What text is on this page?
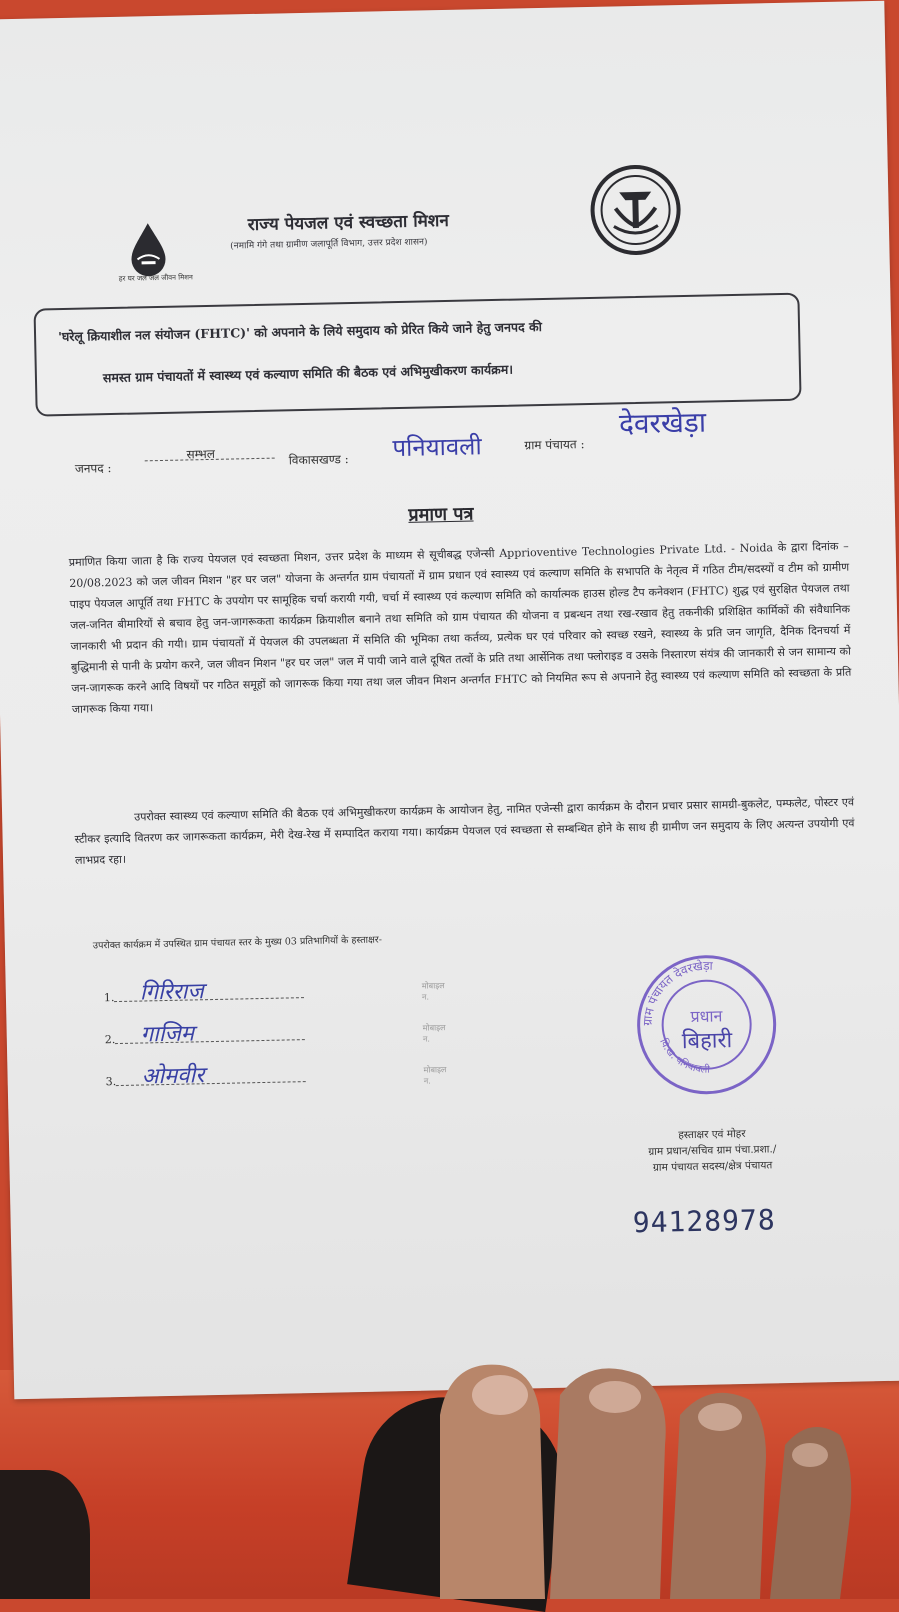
हर घर जल जल जीवन मिशन
राज्य पेयजल एवं स्वच्छता मिशन
(नमामि गंगे तथा ग्रामीण जलापूर्ति विभाग, उत्तर प्रदेश शासन)
'घरेलू क्रियाशील नल संयोजन (FHTC)' को अपनाने के लिये समुदाय को प्रेरित किये जाने हेतु जनपद की
समस्त ग्राम पंचायतों में स्वास्थ्य एवं कल्याण समिति की बैठक एवं अभिमुखीकरण कार्यक्रम।
जनपद :
सम्भल	विकासखण्ड : पनियावली	ग्राम पंचायत :
देवरखेड़ा
प्रमाण पत्र
प्रमाणित किया जाता है कि राज्य पेयजल एवं स्वच्छता मिशन, उत्तर प्रदेश के माध्यम से सूचीबद्ध एजेन्सी Apprioventive Technologies Private Ltd. - Noida के द्वारा दिनांक – 20/08.2023 को जल जीवन मिशन "हर घर जल" योजना के अन्तर्गत ग्राम पंचायतों में ग्राम प्रधान एवं स्वास्थ्य एवं कल्याण समिति के सभापति के नेतृत्व में गठित टीम/सदस्यों व टीम को ग्रामीण पाइप पेयजल आपूर्ति तथा FHTC के उपयोग पर सामूहिक चर्चा करायी गयी, चर्चा में स्वास्थ्य एवं कल्याण समिति को कार्यात्मक हाउस होल्ड टैप कनेक्शन (FHTC) शुद्ध एवं सुरक्षित पेयजल तथा जल-जनित बीमारियों से बचाव हेतु जन-जागरूकता कार्यक्रम क्रियाशील बनाने तथा समिति को ग्राम पंचायत की योजना व प्रबन्धन तथा रख-रखाव हेतु तकनीकी प्रशिक्षित कार्मिकों की संवैधानिक जानकारी भी प्रदान की गयी। ग्राम पंचायतों में पेयजल की उपलब्धता में समिति की भूमिका तथा कर्तव्य, प्रत्येक घर एवं परिवार को स्वच्छ रखने, स्वास्थ्य के प्रति जन जागृति, दैनिक दिनचर्या में बुद्धिमानी से पानी के प्रयोग करने, जल जीवन मिशन "हर घर जल" जल में पायी जाने वाले दूषित तत्वों के प्रति तथा आर्सेनिक तथा फ्लोराइड व उसके निस्तारण संयंत्र की जानकारी से जन सामान्य को जन-जागरूक करने आदि विषयों पर गठित समूहों को जागरूक किया गया तथा जल जीवन मिशन अन्तर्गत FHTC को नियमित रूप से अपनाने हेतु स्वास्थ्य एवं कल्याण समिति को स्वच्छता के प्रति जागरूक किया गया।
उपरोक्त स्वास्थ्य एवं कल्याण समिति की बैठक एवं अभिमुखीकरण कार्यक्रम के आयोजन हेतु, नामित एजेन्सी द्वारा कार्यक्रम के दौरान प्रचार प्रसार सामग्री-बुकलेट, पम्फलेट, पोस्टर एवं स्टीकर इत्यादि वितरण कर जागरूकता कार्यक्रम, मेरी देख-रेख में सम्पादित कराया गया। कार्यक्रम पेयजल एवं स्वच्छता से सम्बन्धित होने के साथ ही ग्रामीण जन समुदाय के लिए अत्यन्त उपयोगी एवं लाभप्रद रहा।
उपरोक्त कार्यक्रम में उपस्थित ग्राम पंचायत स्तर के मुख्य 03 प्रतिभागियों के हस्ताक्षर-
1. गिरिराज	मोबाइल न.
2. गाजिम	मोबाइल न.
3. ओमवीर	मोबाइल न.
ग्राम पंचायत देवरखेड़ा
वि.ख. पनियावली
प्रधान
बिहारी
हस्ताक्षर एवं मोहर
ग्राम प्रधान/सचिव ग्राम पंचा.प्रशा./
ग्राम पंचायत सदस्य/क्षेत्र पंचायत
94128978
